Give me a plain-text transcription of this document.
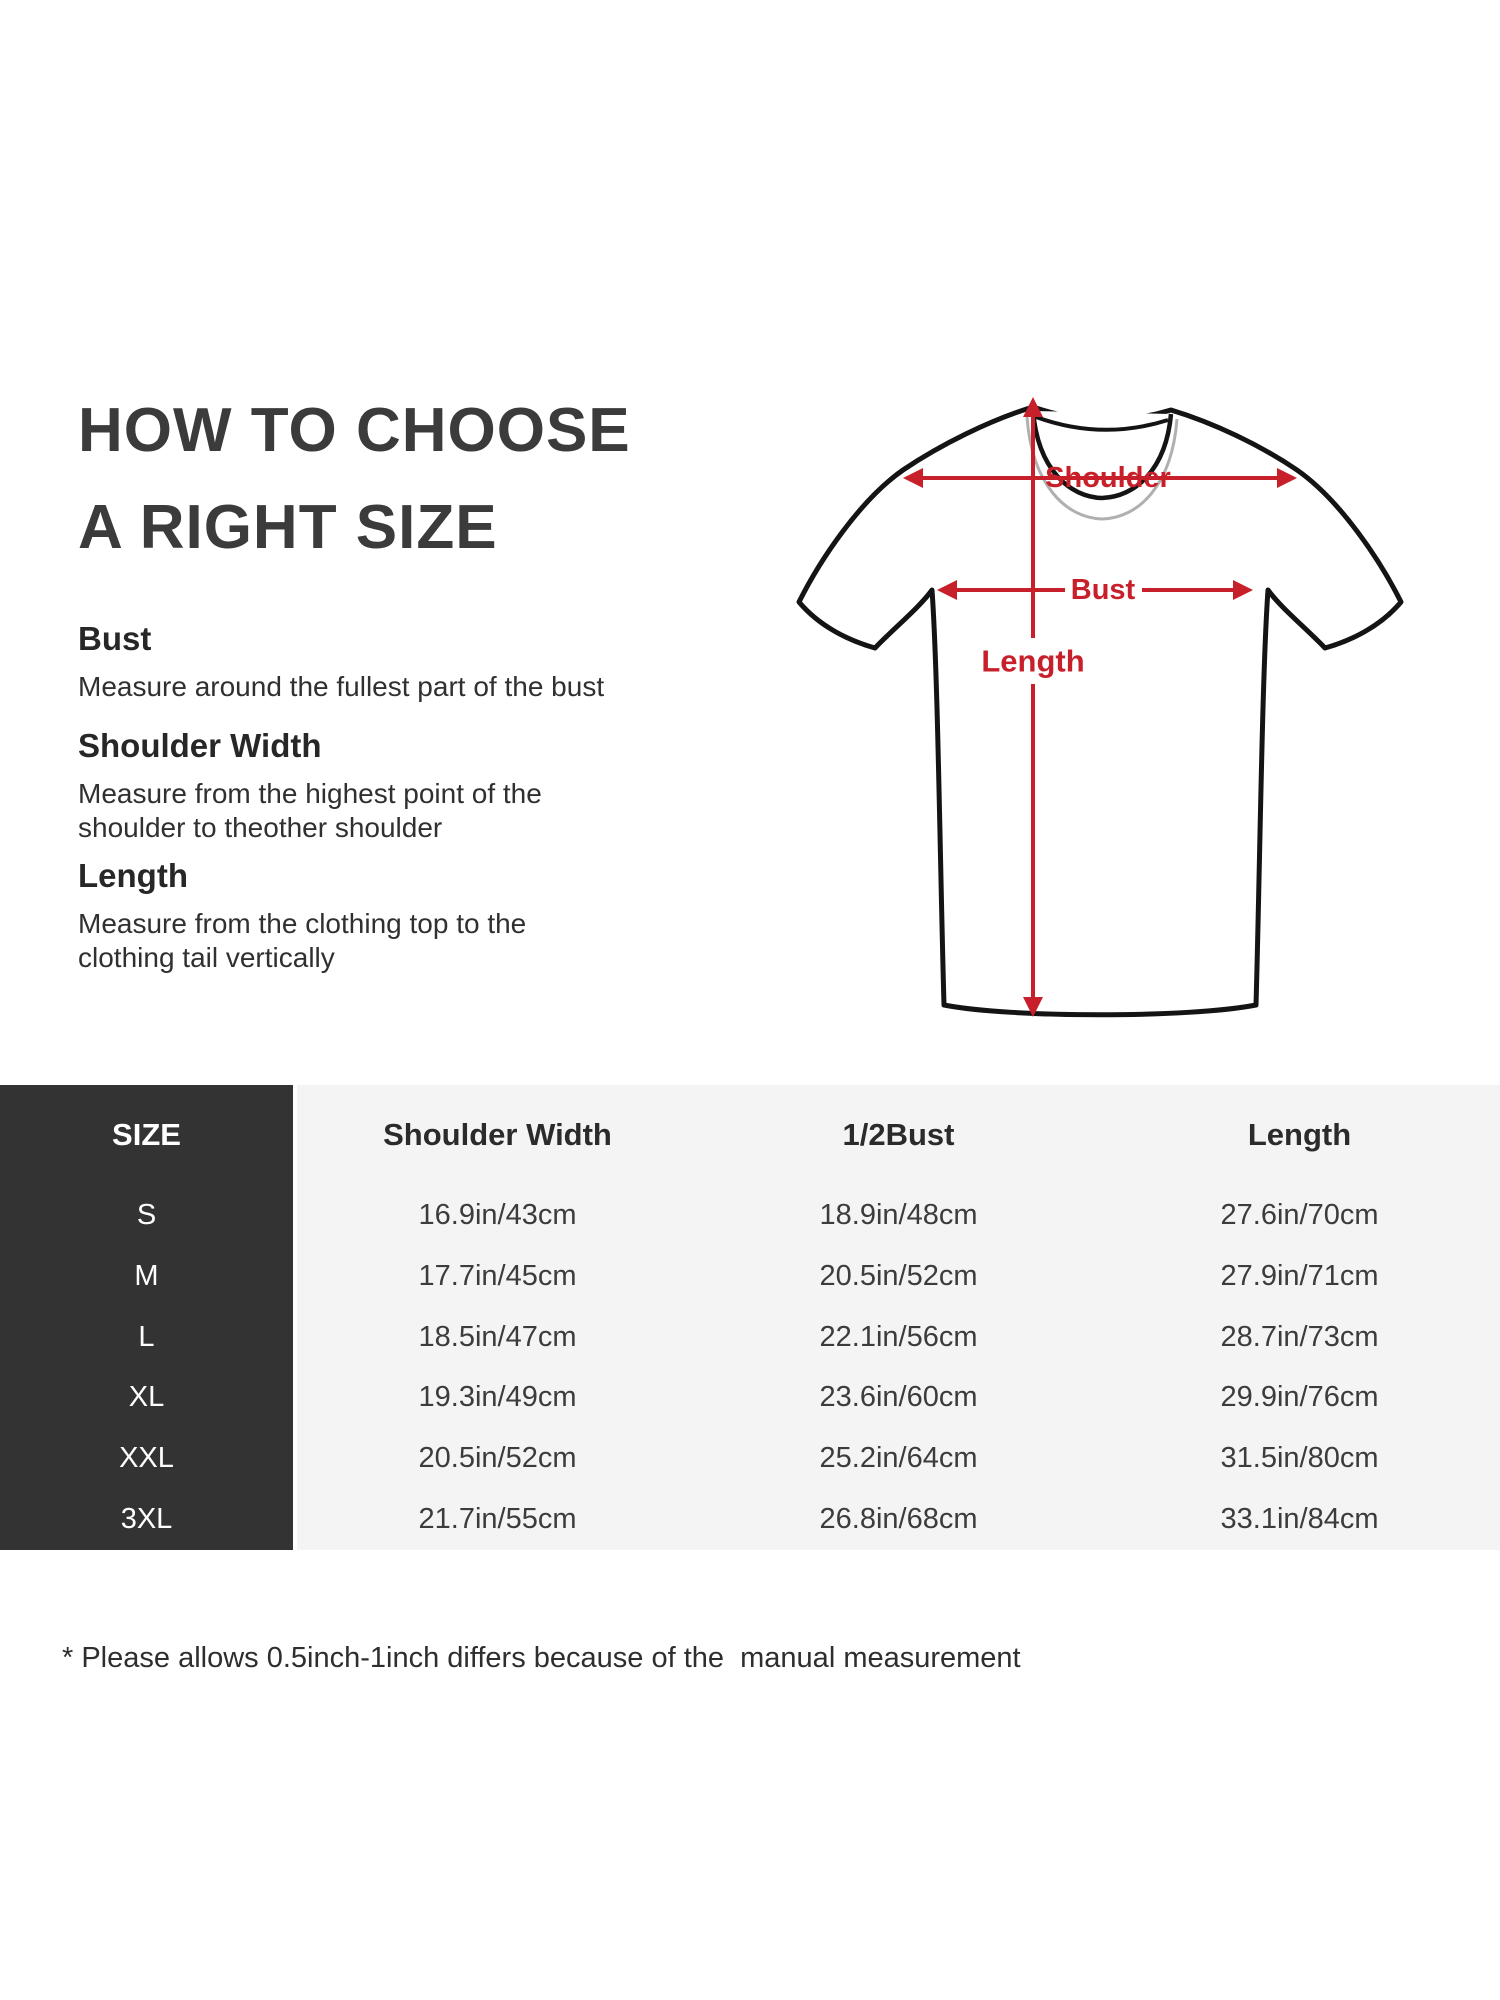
HOW TO CHOOSE
A RIGHT SIZE
Bust
Measure around the fullest part of the bust
Shoulder Width
Measure from the highest point of the
shoulder to theother shoulder
Length
Measure from the clothing top to the
clothing tail vertically
Shoulder
Bust
Length
SIZE	Shoulder Width	1/2Bust	Length
S	16.9in/43cm	18.9in/48cm	27.6in/70cm
M	17.7in/45cm	20.5in/52cm	27.9in/71cm
L	18.5in/47cm	22.1in/56cm	28.7in/73cm
XL	19.3in/49cm	23.6in/60cm	29.9in/76cm
XXL	20.5in/52cm	25.2in/64cm	31.5in/80cm
3XL	21.7in/55cm	26.8in/68cm	33.1in/84cm
* Please allows 0.5inch-1inch differs because of the  manual measurement
